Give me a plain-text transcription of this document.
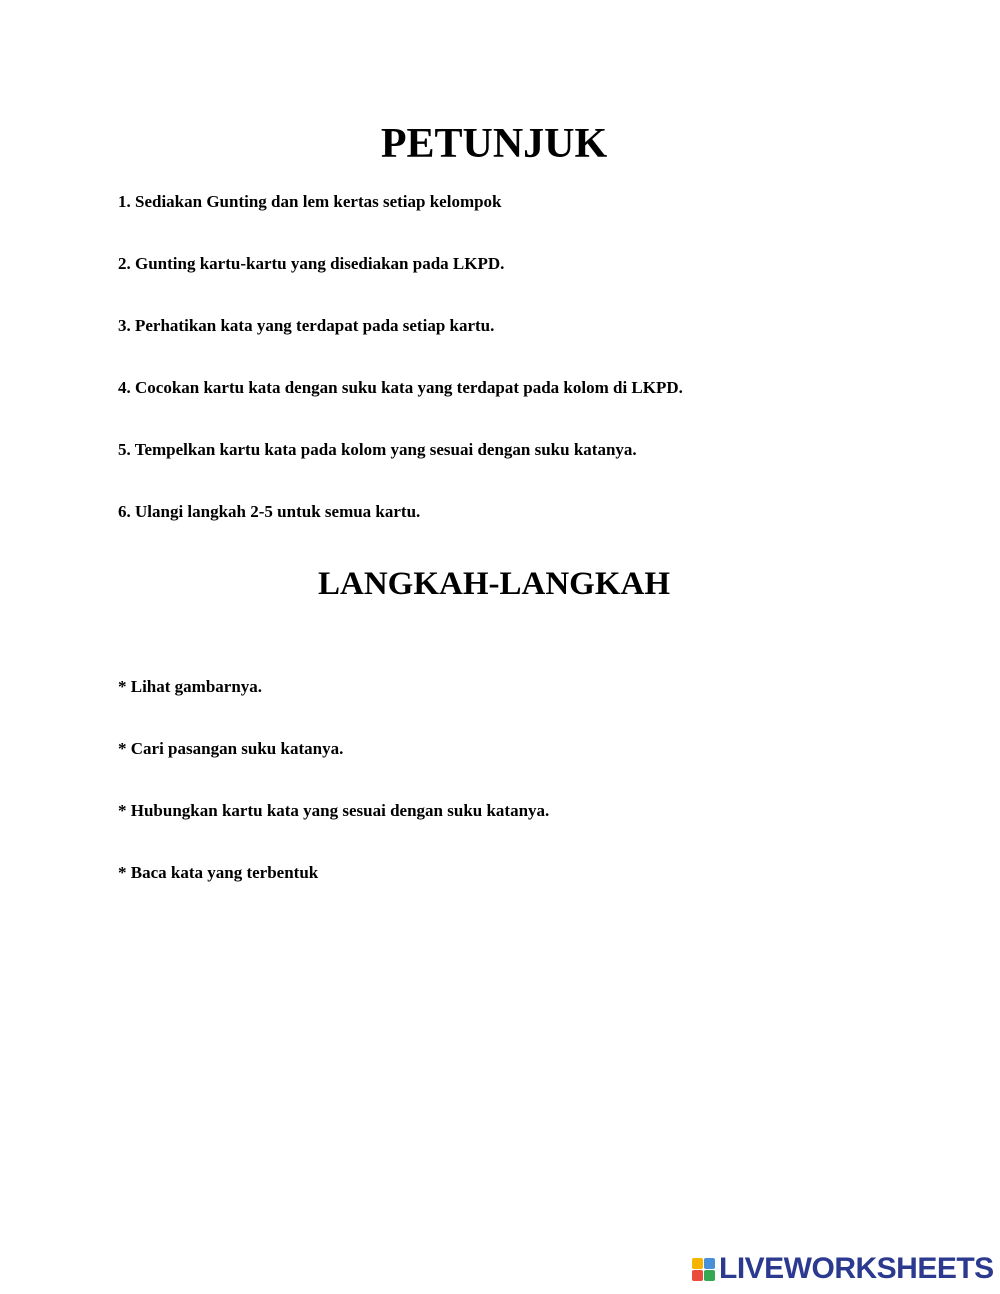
PETUNJUK

1. Sediakan Gunting dan lem kertas setiap kelompok

2. Gunting kartu-kartu yang disediakan pada LKPD.

3. Perhatikan kata yang terdapat pada setiap kartu.

4. Cocokan kartu kata dengan suku kata yang terdapat pada kolom di LKPD.

5. Tempelkan kartu kata pada kolom yang sesuai dengan suku katanya.

6. Ulangi langkah 2-5 untuk semua kartu.

LANGKAH-LANGKAH

* Lihat gambarnya.

* Cari pasangan suku katanya.

* Hubungkan kartu kata yang sesuai dengan suku katanya.

* Baca kata yang terbentuk

LIVEWORKSHEETS
